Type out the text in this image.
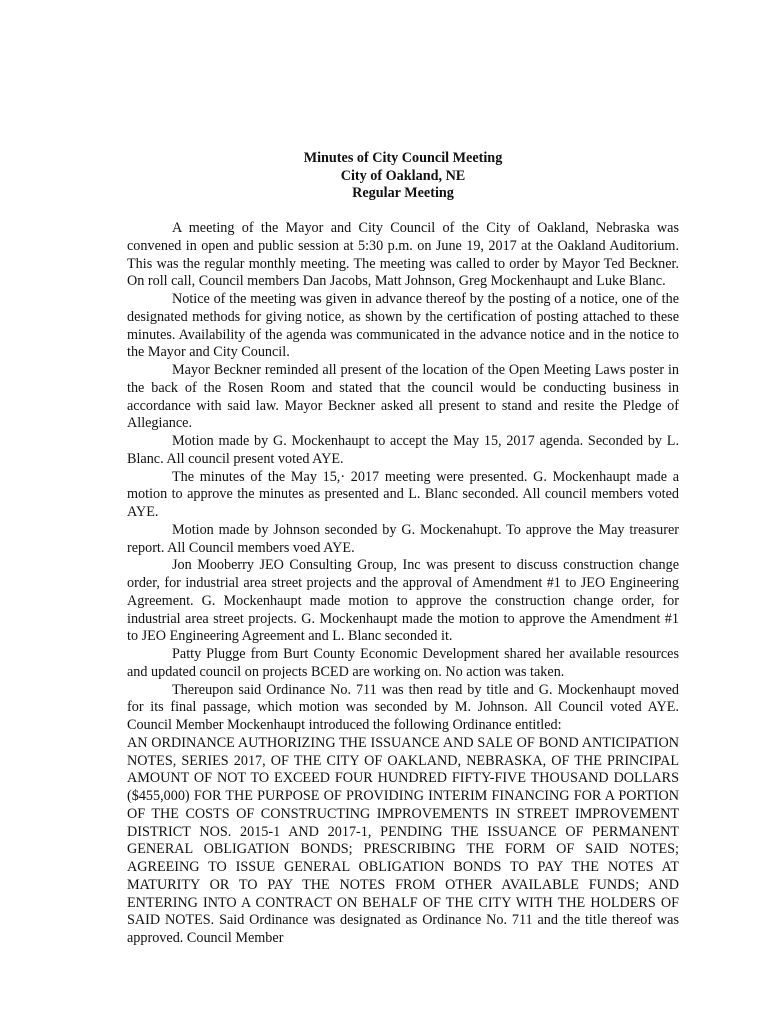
Minutes of City Council Meeting
City of Oakland, NE
Regular Meeting

A meeting of the Mayor and City Council of the City of Oakland, Nebraska was convened in open and public session at 5:30 p.m. on June 19, 2017 at the Oakland Auditorium. This was the regular monthly meeting. The meeting was called to order by Mayor Ted Beckner. On roll call, Council members Dan Jacobs, Matt Johnson, Greg Mockenhaupt and Luke Blanc.

Notice of the meeting was given in advance thereof by the posting of a notice, one of the designated methods for giving notice, as shown by the certification of posting attached to these minutes. Availability of the agenda was communicated in the advance notice and in the notice to the Mayor and City Council.

Mayor Beckner reminded all present of the location of the Open Meeting Laws poster in the back of the Rosen Room and stated that the council would be conducting business in accordance with said law. Mayor Beckner asked all present to stand and resite the Pledge of Allegiance.

Motion made by G. Mockenhaupt to accept the May 15, 2017 agenda. Seconded by L. Blanc. All council present voted AYE.

The minutes of the May 15,· 2017 meeting were presented. G. Mockenhaupt made a motion to approve the minutes as presented and L. Blanc seconded. All council members voted AYE.

Motion made by Johnson seconded by G. Mockenahupt. To approve the May treasurer report. All Council members voed AYE.

Jon Mooberry JEO Consulting Group, Inc was present to discuss construction change order, for industrial area street projects and the approval of Amendment #1 to JEO Engineering Agreement. G. Mockenhaupt made motion to approve the construction change order, for industrial area street projects. G. Mockenhaupt made the motion to approve the Amendment #1 to JEO Engineering Agreement and L. Blanc seconded it.

Patty Plugge from Burt County Economic Development shared her available resources and updated council on projects BCED are working on. No action was taken.

Thereupon said Ordinance No. 711 was then read by title and G. Mockenhaupt moved for its final passage, which motion was seconded by M. Johnson. All Council voted AYE. Council Member Mockenhaupt introduced the following Ordinance entitled:

AN ORDINANCE AUTHORIZING THE ISSUANCE AND SALE OF BOND ANTICIPATION NOTES, SERIES 2017, OF THE CITY OF OAKLAND, NEBRASKA, OF THE PRINCIPAL AMOUNT OF NOT TO EXCEED FOUR HUNDRED FIFTY-FIVE THOUSAND DOLLARS ($455,000) FOR THE PURPOSE OF PROVIDING INTERIM FINANCING FOR A PORTION OF THE COSTS OF CONSTRUCTING IMPROVEMENTS IN STREET IMPROVEMENT DISTRICT NOS. 2015-1 AND 2017-1, PENDING THE ISSUANCE OF PERMANENT GENERAL OBLIGATION BONDS; PRESCRIBING THE FORM OF SAID NOTES; AGREEING TO ISSUE GENERAL OBLIGATION BONDS TO PAY THE NOTES AT MATURITY OR TO PAY THE NOTES FROM OTHER AVAILABLE FUNDS; AND ENTERING INTO A CONTRACT ON BEHALF OF THE CITY WITH THE HOLDERS OF SAID NOTES. Said Ordinance was designated as Ordinance No. 711 and the title thereof was approved. Council Member
